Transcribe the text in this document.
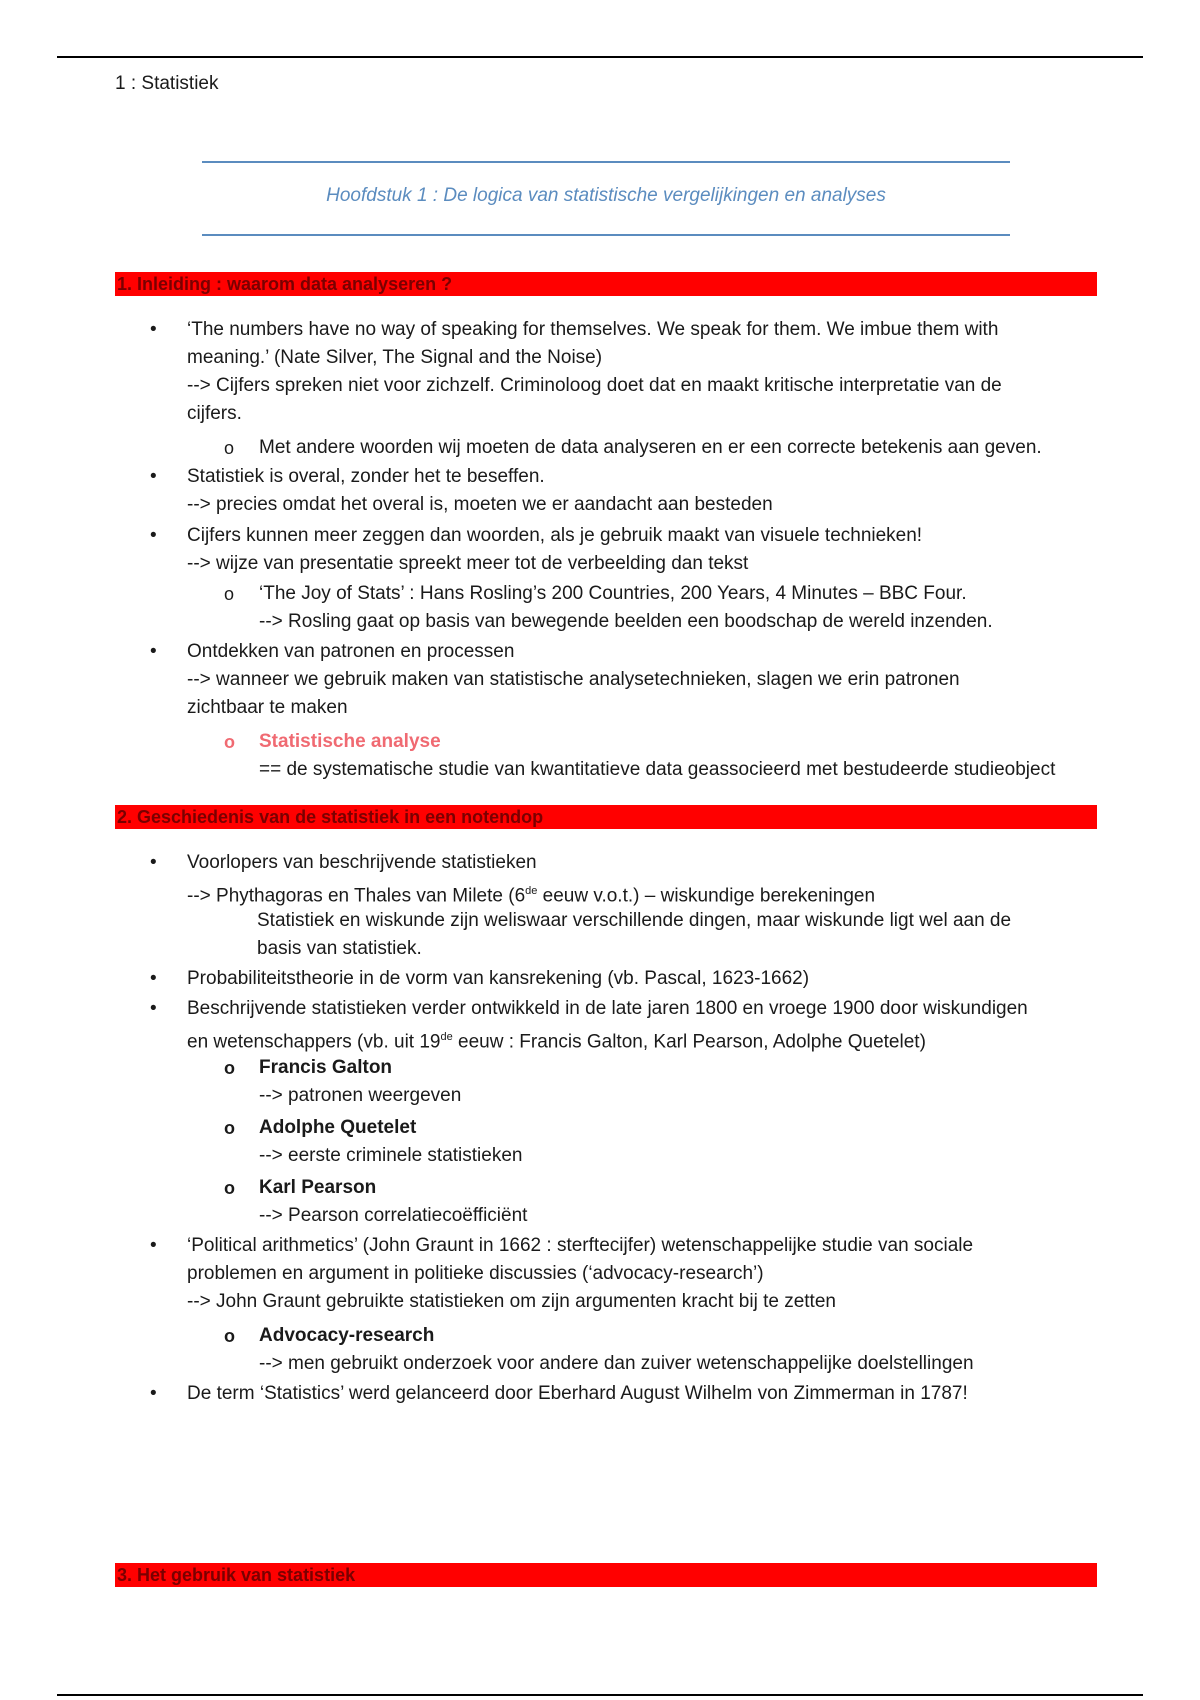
1 : Statistiek
Hoofdstuk 1 : De logica van statistische vergelijkingen en analyses
1. Inleiding : waarom data analyseren ?
• ‘The numbers have no way of speaking for themselves. We speak for them. We imbue them with
meaning.’ (Nate Silver, The Signal and the Noise)
--> Cijfers spreken niet voor zichzelf. Criminoloog doet dat en maakt kritische interpretatie van de
cijfers.
o Met andere woorden wij moeten de data analyseren en er een correcte betekenis aan geven.
• Statistiek is overal, zonder het te beseffen.
--> precies omdat het overal is, moeten we er aandacht aan besteden
• Cijfers kunnen meer zeggen dan woorden, als je gebruik maakt van visuele technieken!
--> wijze van presentatie spreekt meer tot de verbeelding dan tekst
o ‘The Joy of Stats’ : Hans Rosling’s 200 Countries, 200 Years, 4 Minutes – BBC Four.
--> Rosling gaat op basis van bewegende beelden een boodschap de wereld inzenden.
• Ontdekken van patronen en processen
--> wanneer we gebruik maken van statistische analysetechnieken, slagen we erin patronen
zichtbaar te maken
o Statistische analyse
== de systematische studie van kwantitatieve data geassocieerd met bestudeerde studieobject
2. Geschiedenis van de statistiek in een notendop
• Voorlopers van beschrijvende statistieken
--> Phythagoras en Thales van Milete (6de eeuw v.o.t.) – wiskundige berekeningen
Statistiek en wiskunde zijn weliswaar verschillende dingen, maar wiskunde ligt wel aan de
basis van statistiek.
• Probabiliteitstheorie in de vorm van kansrekening (vb. Pascal, 1623-1662)
• Beschrijvende statistieken verder ontwikkeld in de late jaren 1800 en vroege 1900 door wiskundigen
en wetenschappers (vb. uit 19de eeuw : Francis Galton, Karl Pearson, Adolphe Quetelet)
o Francis Galton
--> patronen weergeven
o Adolphe Quetelet
--> eerste criminele statistieken
o Karl Pearson
--> Pearson correlatiecoëfficiënt
• ‘Political arithmetics’ (John Graunt in 1662 : sterftecijfer) wetenschappelijke studie van sociale
problemen en argument in politieke discussies (‘advocacy-research’)
--> John Graunt gebruikte statistieken om zijn argumenten kracht bij te zetten
o Advocacy-research
--> men gebruikt onderzoek voor andere dan zuiver wetenschappelijke doelstellingen
• De term ‘Statistics’ werd gelanceerd door Eberhard August Wilhelm von Zimmerman in 1787!
3. Het gebruik van statistiek
